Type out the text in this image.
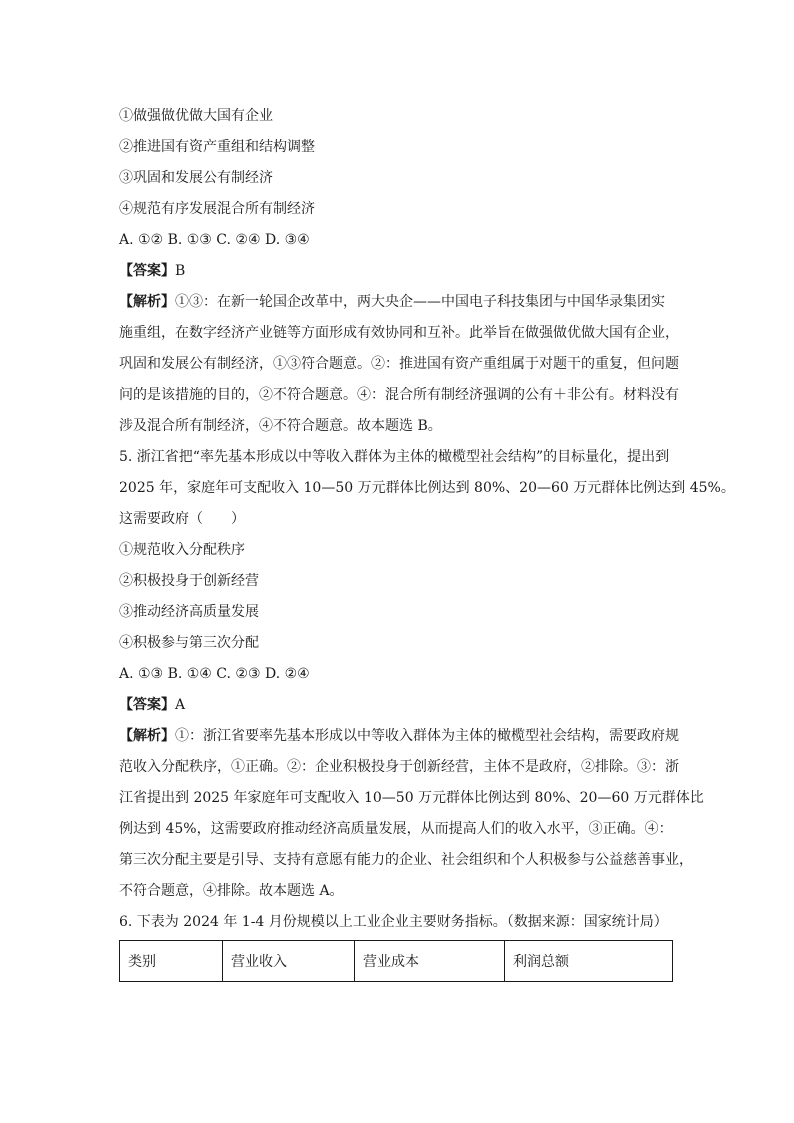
①做强做优做大国有企业
②推进国有资产重组和结构调整
③巩固和发展公有制经济
④规范有序发展混合所有制经济
A. ①② B. ①③ C. ②④ D. ③④
【答案】B
【解析】①③：在新一轮国企改革中，两大央企——中国电子科技集团与中国华录集团实
施重组，在数字经济产业链等方面形成有效协同和互补。此举旨在做强做优做大国有企业，
巩固和发展公有制经济，①③符合题意。②：推进国有资产重组属于对题干的重复，但问题
问的是该措施的目的，②不符合题意。④：混合所有制经济强调的公有＋非公有。材料没有
涉及混合所有制经济，④不符合题意。故本题选 B。
5. 浙江省把“率先基本形成以中等收入群体为主体的橄榄型社会结构”的目标量化，提出到
2025 年，家庭年可支配收入 10—50 万元群体比例达到 80%、20—60 万元群体比例达到 45%。
这需要政府（　　）
①规范收入分配秩序
②积极投身于创新经营
③推动经济高质量发展
④积极参与第三次分配
A. ①③ B. ①④ C. ②③ D. ②④
【答案】A
【解析】①：浙江省要率先基本形成以中等收入群体为主体的橄榄型社会结构，需要政府规
范收入分配秩序，①正确。②：企业积极投身于创新经营，主体不是政府，②排除。③：浙
江省提出到 2025 年家庭年可支配收入 10—50 万元群体比例达到 80%、20—60 万元群体比
例达到 45%，这需要政府推动经济高质量发展，从而提高人们的收入水平，③正确。④：
第三次分配主要是引导、支持有意愿有能力的企业、社会组织和个人积极参与公益慈善事业，
不符合题意，④排除。故本题选 A。
6. 下表为 2024 年 1-4 月份规模以上工业企业主要财务指标。（数据来源：国家统计局）
类别	营业收入	营业成本	利润总额
